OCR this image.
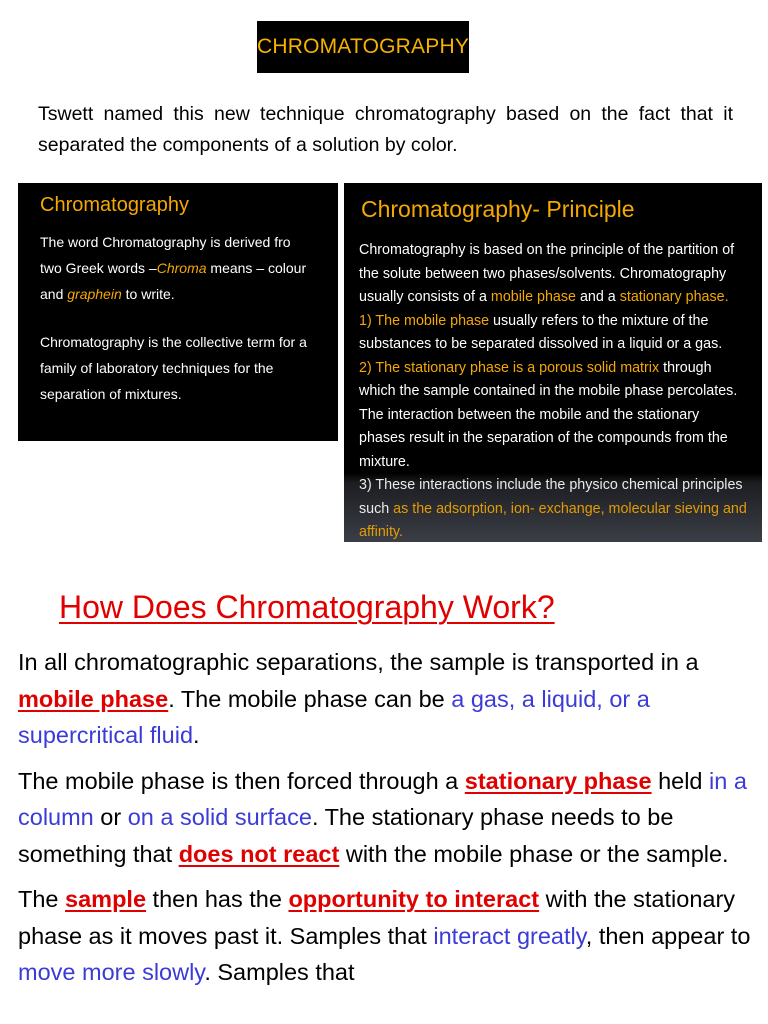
CHROMATOGRAPHY
Tswett named this new technique chromatography based on the fact that it separated the components of a solution by color.
Chromatography

The word Chromatography is derived fro two Greek words –Chroma means – colour and graphein to write.

Chromatography is the collective term for a family of laboratory techniques for the separation of mixtures.

Chromatography- Principle

Chromatography is based on the principle of the partition of the solute between two phases/solvents. Chromatography usually consists of a mobile phase and a stationary phase.

1) The mobile phase usually refers to the mixture of the substances to be separated dissolved in a liquid or a gas.

2) The stationary phase is a porous solid matrix through which the sample contained in the mobile phase percolates. The interaction between the mobile and the stationary phases result in the separation of the compounds from the mixture.

3) These interactions include the physico chemical principles such as the adsorption, ion- exchange, molecular sieving and affinity.

How Does Chromatography Work?

In all chromatographic separations, the sample is transported in a mobile phase. The mobile phase can be a gas, a liquid, or a supercritical fluid.

The mobile phase is then forced through a stationary phase held in a column or on a solid surface. The stationary phase needs to be something that does not react with the mobile phase or the sample.

The sample then has the opportunity to interact with the stationary phase as it moves past it. Samples that interact greatly, then appear to move more slowly. Samples that
